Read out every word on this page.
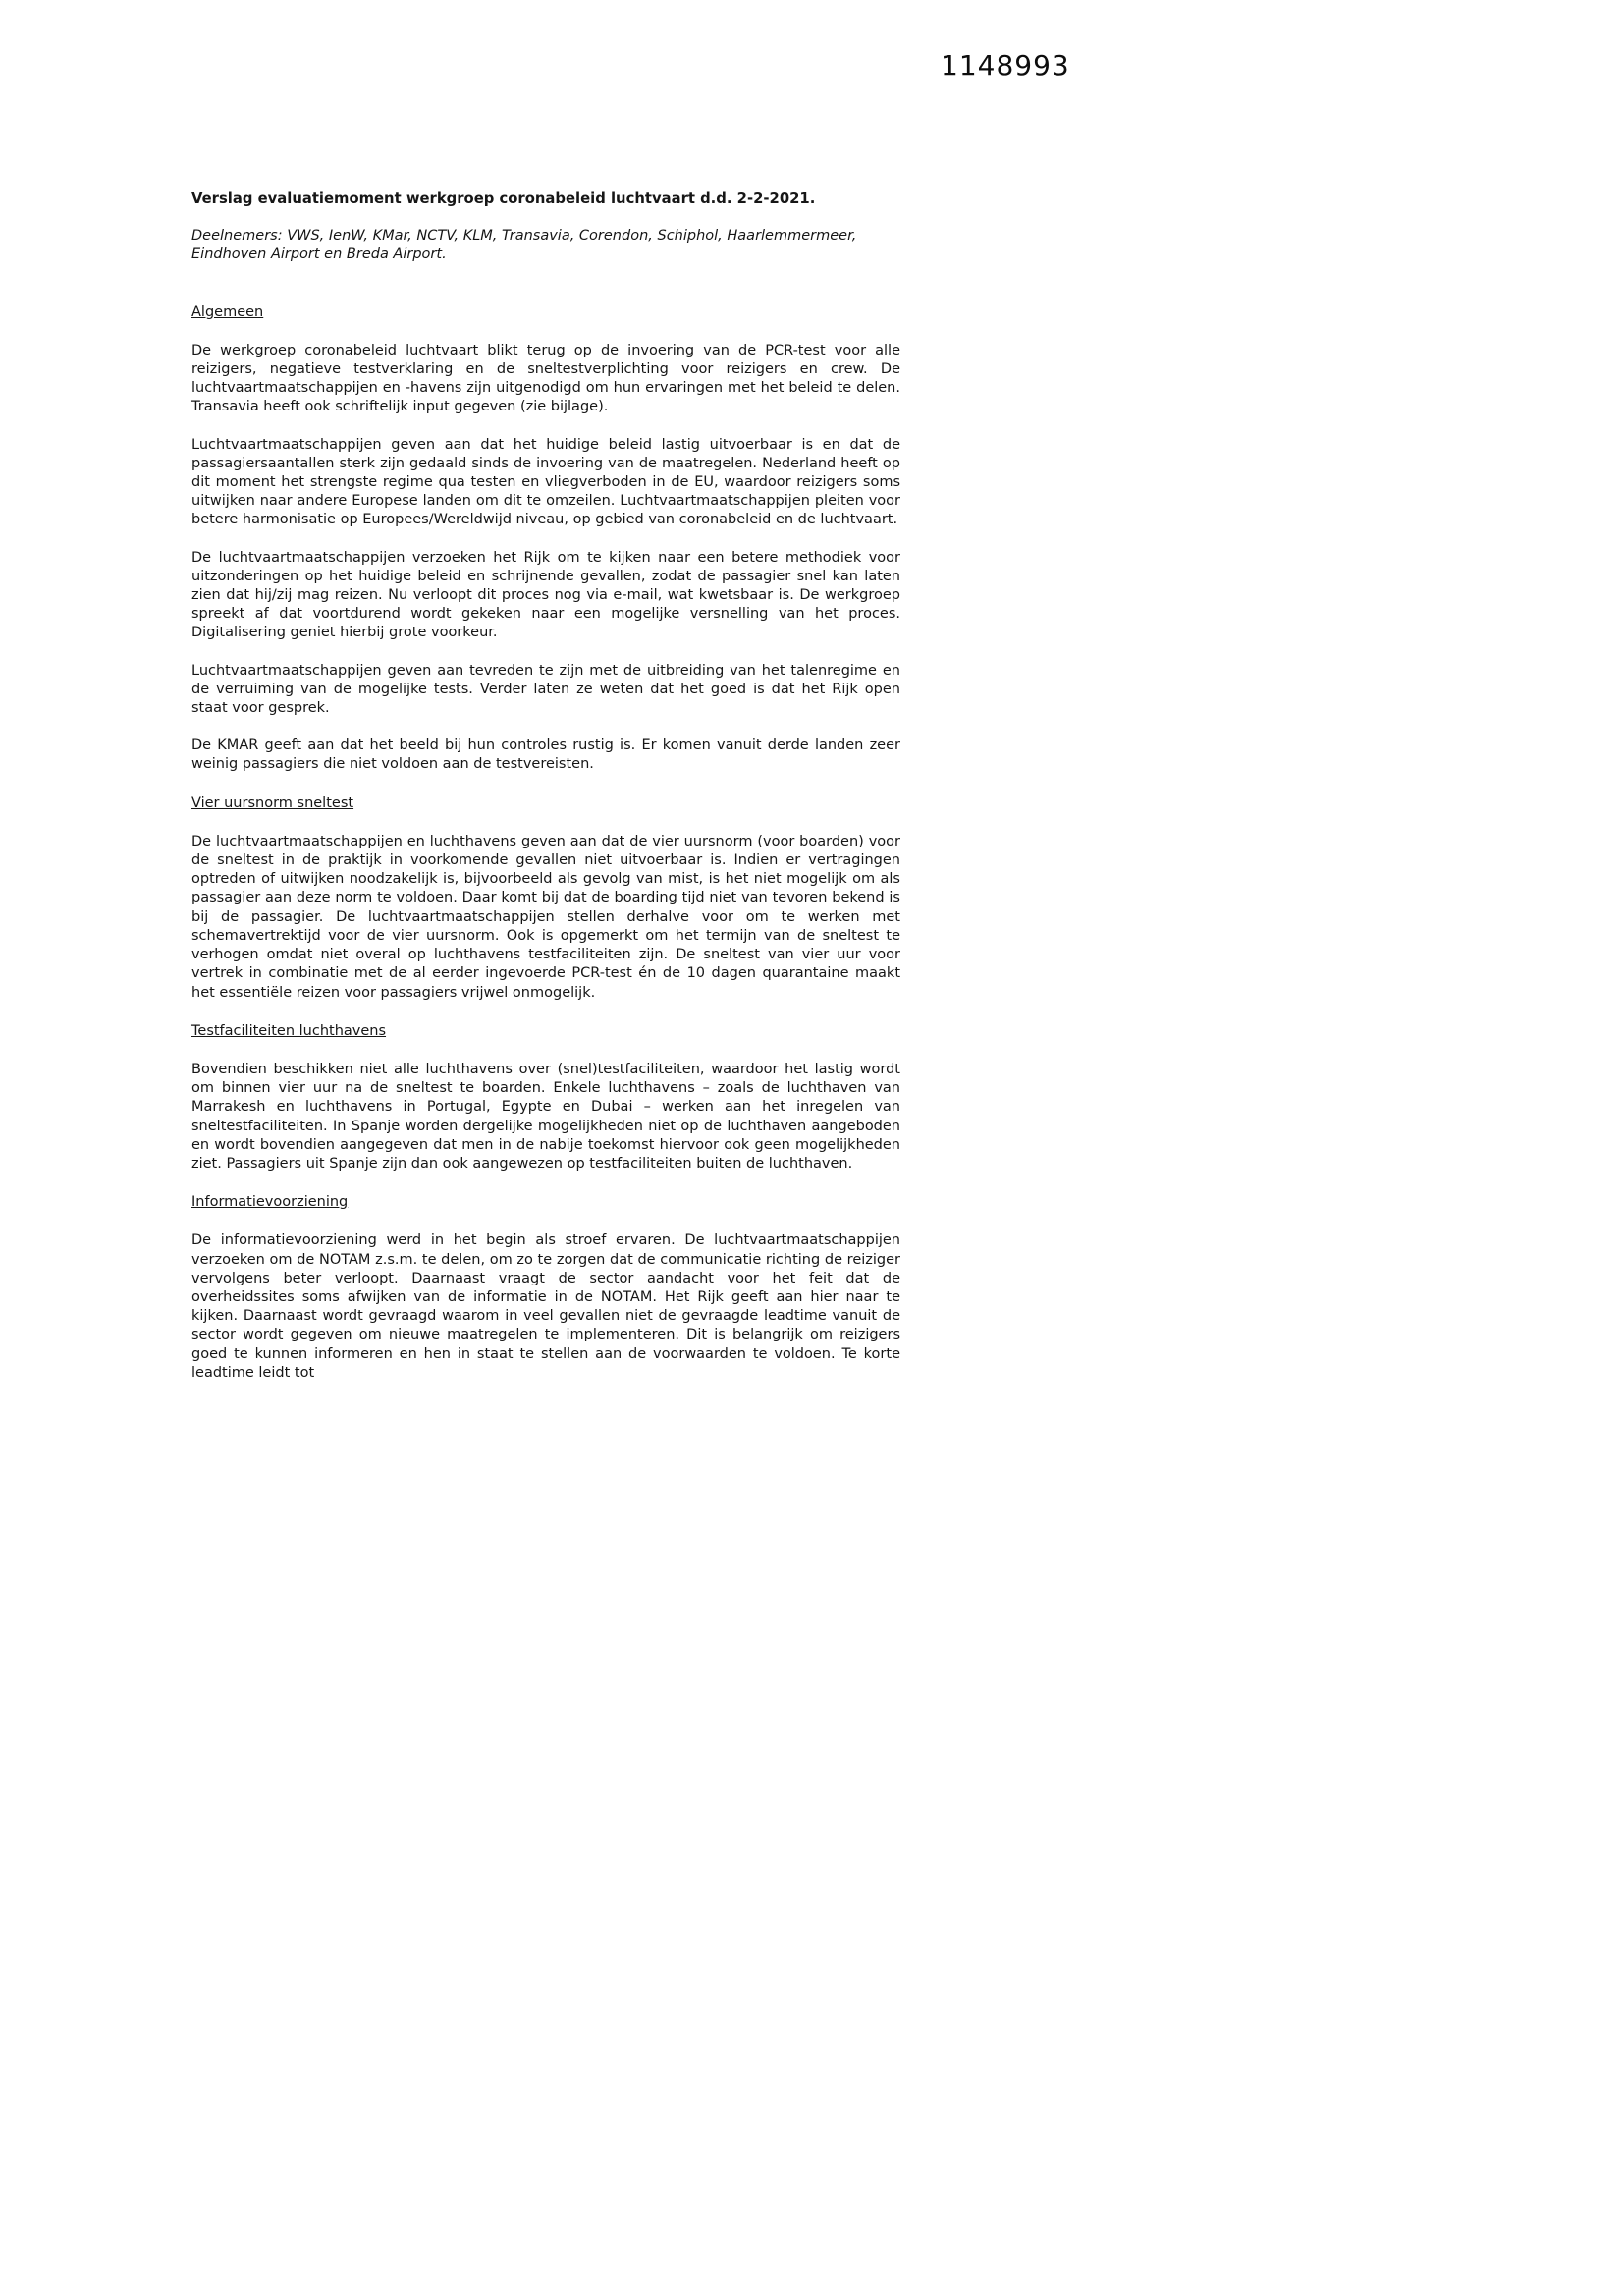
1148993

Verslag evaluatiemoment werkgroep coronabeleid luchtvaart d.d. 2-2-2021.

Deelnemers: VWS, IenW, KMar, NCTV, KLM, Transavia, Corendon, Schiphol, Haarlemmermeer, Eindhoven Airport en Breda Airport.

Algemeen

De werkgroep coronabeleid luchtvaart blikt terug op de invoering van de PCR-test voor alle reizigers, negatieve testverklaring en de sneltestverplichting voor reizigers en crew. De luchtvaartmaatschappijen en -havens zijn uitgenodigd om hun ervaringen met het beleid te delen. Transavia heeft ook schriftelijk input gegeven (zie bijlage).

Luchtvaartmaatschappijen geven aan dat het huidige beleid lastig uitvoerbaar is en dat de passagiersaantallen sterk zijn gedaald sinds de invoering van de maatregelen. Nederland heeft op dit moment het strengste regime qua testen en vliegverboden in de EU, waardoor reizigers soms uitwijken naar andere Europese landen om dit te omzeilen. Luchtvaartmaatschappijen pleiten voor betere harmonisatie op Europees/Wereldwijd niveau, op gebied van coronabeleid en de luchtvaart.

De luchtvaartmaatschappijen verzoeken het Rijk om te kijken naar een betere methodiek voor uitzonderingen op het huidige beleid en schrijnende gevallen, zodat de passagier snel kan laten zien dat hij/zij mag reizen. Nu verloopt dit proces nog via e-mail, wat kwetsbaar is. De werkgroep spreekt af dat voortdurend wordt gekeken naar een mogelijke versnelling van het proces. Digitalisering geniet hierbij grote voorkeur.

Luchtvaartmaatschappijen geven aan tevreden te zijn met de uitbreiding van het talenregime en de verruiming van de mogelijke tests. Verder laten ze weten dat het goed is dat het Rijk open staat voor gesprek.

De KMAR geeft aan dat het beeld bij hun controles rustig is. Er komen vanuit derde landen zeer weinig passagiers die niet voldoen aan de testvereisten.

Vier uursnorm sneltest

De luchtvaartmaatschappijen en luchthavens geven aan dat de vier uursnorm (voor boarden) voor de sneltest in de praktijk in voorkomende gevallen niet uitvoerbaar is. Indien er vertragingen optreden of uitwijken noodzakelijk is, bijvoorbeeld als gevolg van mist, is het niet mogelijk om als passagier aan deze norm te voldoen. Daar komt bij dat de boarding tijd niet van tevoren bekend is bij de passagier. De luchtvaartmaatschappijen stellen derhalve voor om te werken met schemavertrektijd voor de vier uursnorm. Ook is opgemerkt om het termijn van de sneltest te verhogen omdat niet overal op luchthavens testfaciliteiten zijn. De sneltest van vier uur voor vertrek in combinatie met de al eerder ingevoerde PCR-test én de 10 dagen quarantaine maakt het essentiële reizen voor passagiers vrijwel onmogelijk.

Testfaciliteiten luchthavens

Bovendien beschikken niet alle luchthavens over (snel)testfaciliteiten, waardoor het lastig wordt om binnen vier uur na de sneltest te boarden. Enkele luchthavens – zoals de luchthaven van Marrakesh en luchthavens in Portugal, Egypte en Dubai – werken aan het inregelen van sneltestfaciliteiten. In Spanje worden dergelijke mogelijkheden niet op de luchthaven aangeboden en wordt bovendien aangegeven dat men in de nabije toekomst hiervoor ook geen mogelijkheden ziet. Passagiers uit Spanje zijn dan ook aangewezen op testfaciliteiten buiten de luchthaven.

Informatievoorziening

De informatievoorziening werd in het begin als stroef ervaren. De luchtvaartmaatschappijen verzoeken om de NOTAM z.s.m. te delen, om zo te zorgen dat de communicatie richting de reiziger vervolgens beter verloopt. Daarnaast vraagt de sector aandacht voor het feit dat de overheidssites soms afwijken van de informatie in de NOTAM. Het Rijk geeft aan hier naar te kijken. Daarnaast wordt gevraagd waarom in veel gevallen niet de gevraagde leadtime vanuit de sector wordt gegeven om nieuwe maatregelen te implementeren. Dit is belangrijk om reizigers goed te kunnen informeren en hen in staat te stellen aan de voorwaarden te voldoen. Te korte leadtime leidt tot
